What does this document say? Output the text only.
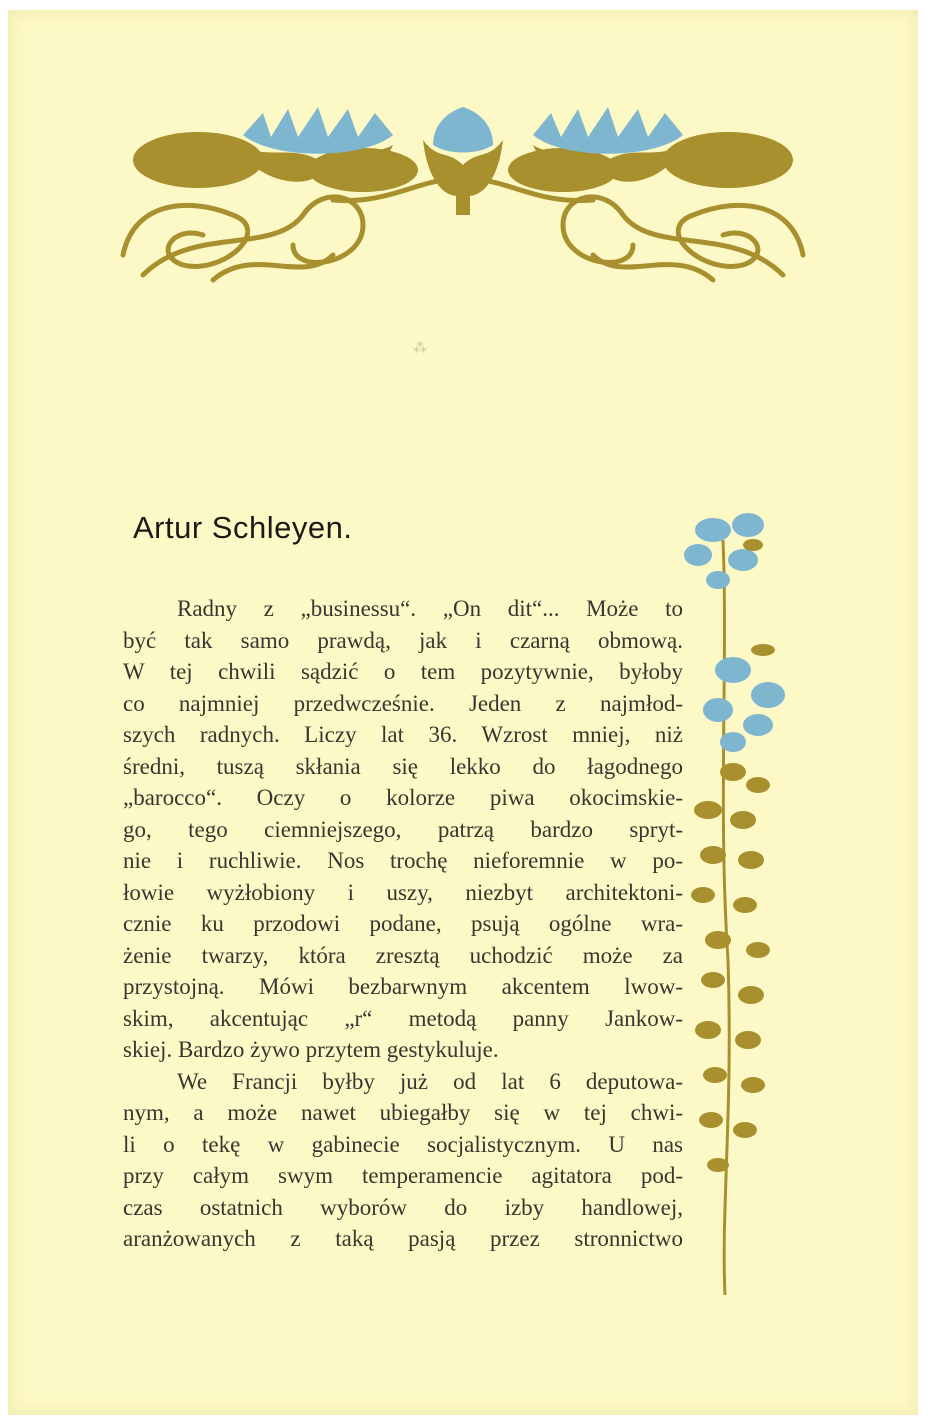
⁂
Artur Schleyen.
Radny z „businessu“. „On dit“... Może to
być tak samo prawdą, jak i czarną obmową.
W tej chwili sądzić o tem pozytywnie, byłoby
co najmniej przedwcześnie. Jeden z najmłod-
szych radnych. Liczy lat 36. Wzrost mniej, niż
średni, tuszą skłania się lekko do łagodnego
„barocco“. Oczy o kolorze piwa okocimskie-
go, tego ciemniejszego, patrzą bardzo spryt-
nie i ruchliwie. Nos trochę nieforemnie w po-
łowie wyżłobiony i uszy, niezbyt architektoni-
cznie ku przodowi podane, psują ogólne wra-
żenie twarzy, która zresztą uchodzić może za
przystojną. Mówi bezbarwnym akcentem lwow-
skim, akcentując „r“ metodą panny Jankow-
skiej. Bardzo żywo przytem gestykuluje.
We Francji byłby już od lat 6 deputowa-
nym, a może nawet ubiegałby się w tej chwi-
li o tekę w gabinecie socjalistycznym. U nas
przy całym swym temperamencie agitatora pod-
czas ostatnich wyborów do izby handlowej,
aranżowanych z taką pasją przez stronnictwo
